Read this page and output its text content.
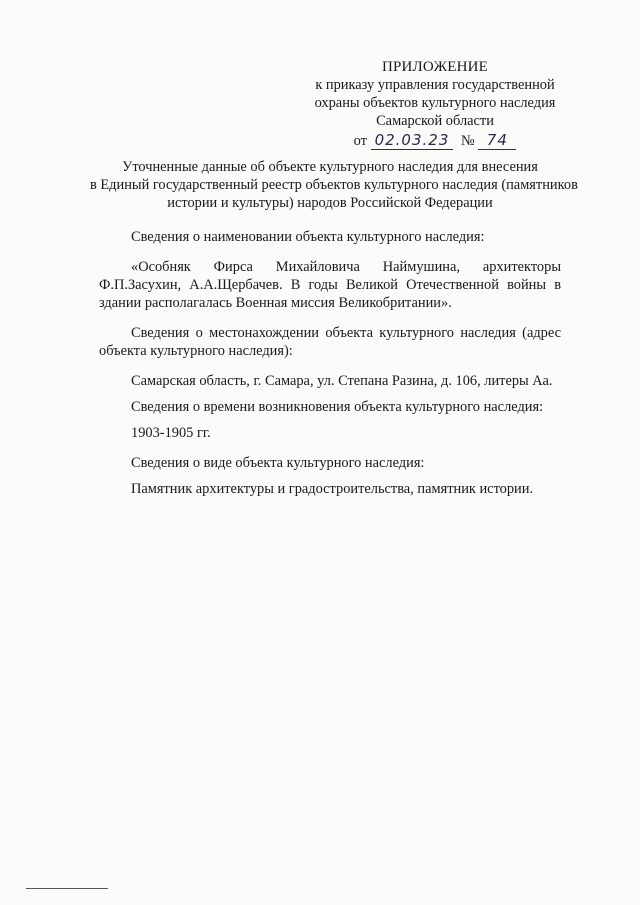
ПРИЛОЖЕНИЕ
к приказу управления государственной
охраны объектов культурного наследия
Самарской области
от 02.03.23 № 74
Уточненные данные об объекте культурного наследия для внесения
в Единый государственный реестр объектов культурного наследия (памятников
истории и культуры) народов Российской Федерации
Сведения о наименовании объекта культурного наследия:
«Особняк Фирса Михайловича Наймушина, архитекторы Ф.П.Засухин, А.А.Щербачев. В годы Великой Отечественной войны в здании располагалась Военная миссия Великобритании».
Сведения о местонахождении объекта культурного наследия (адрес объекта культурного наследия):
Самарская область, г. Самара, ул. Степана Разина, д. 106, литеры Аа.
Сведения о времени возникновения объекта культурного наследия:
1903-1905 гг.
Сведения о виде объекта культурного наследия:
Памятник архитектуры и градостроительства, памятник истории.
